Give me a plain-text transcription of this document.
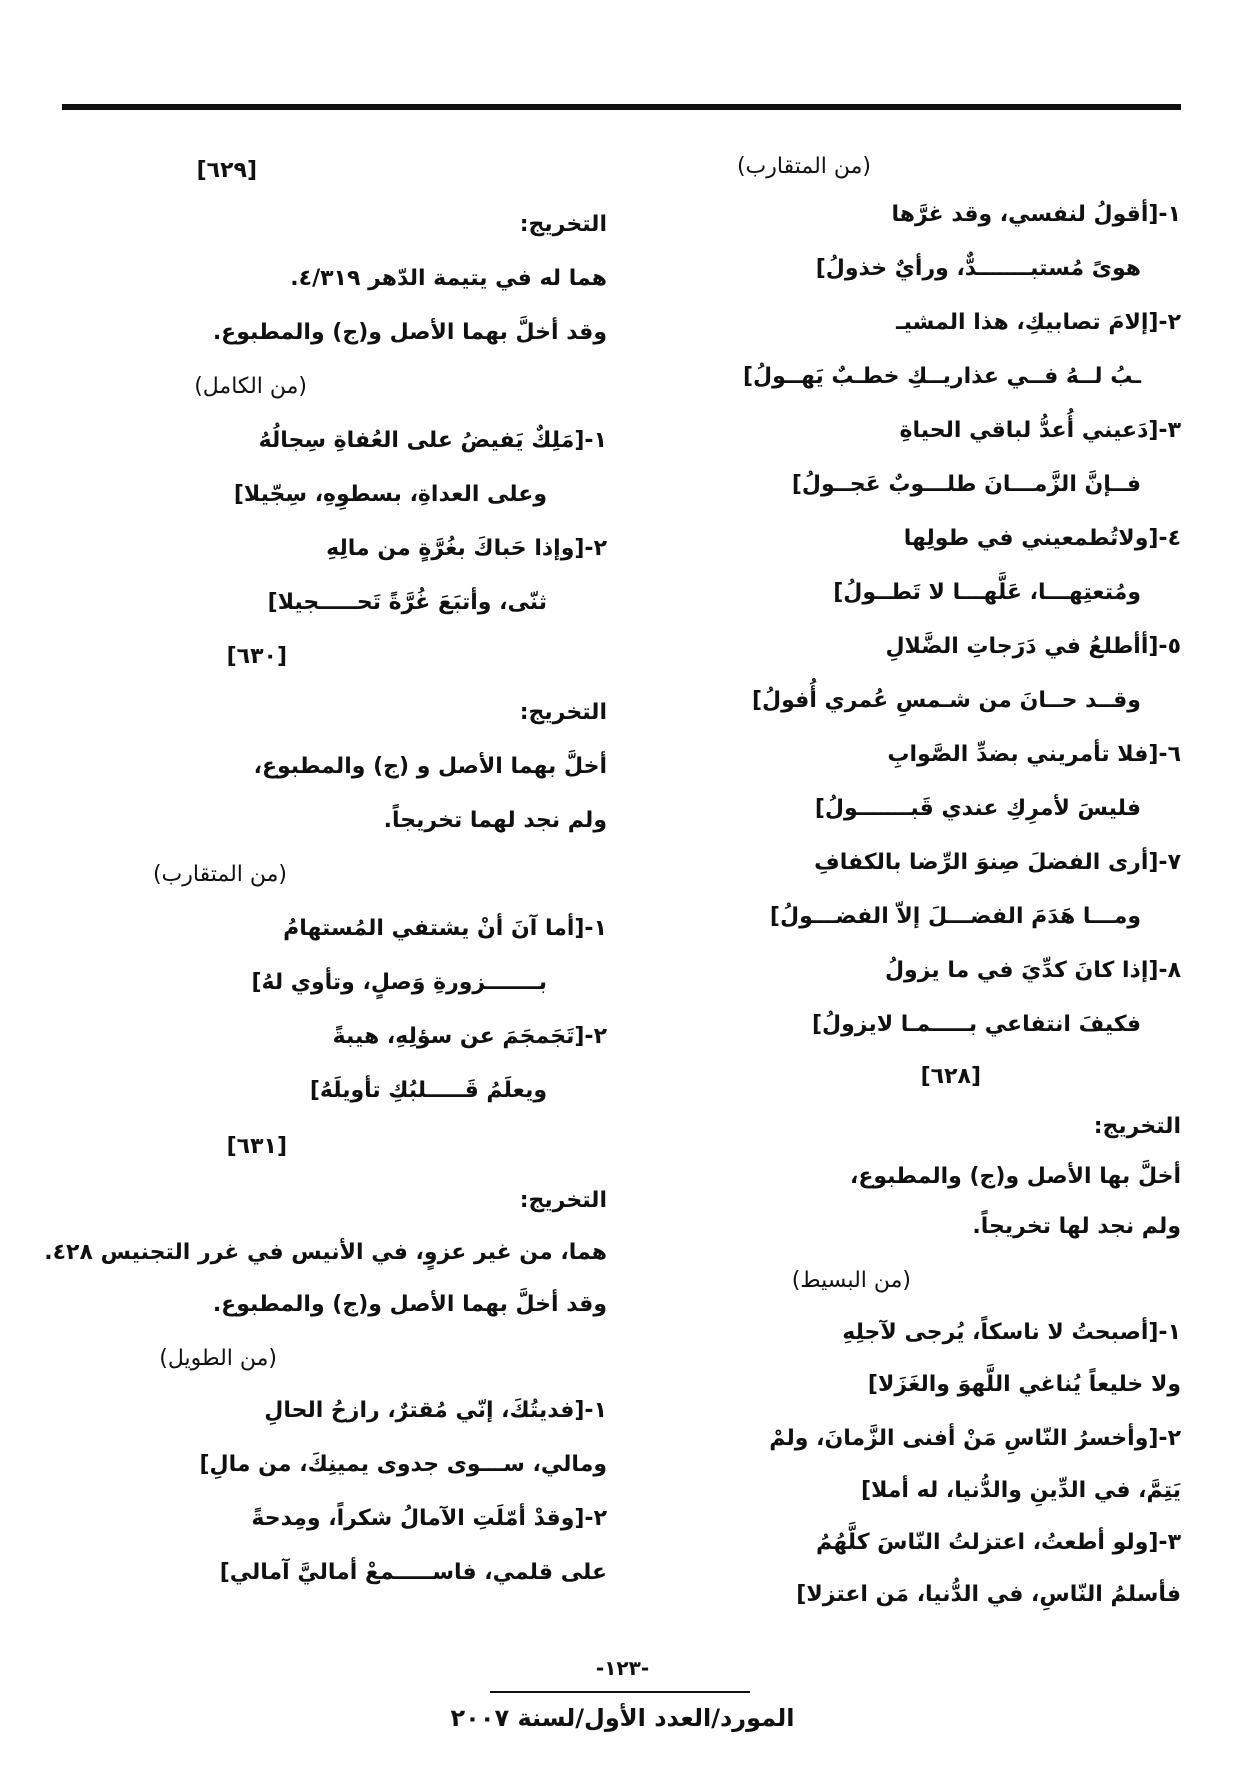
(من المتقارب)
١-[أقولُ لنفسي، وقد غرَّها
هوىً مُستبـــــــدٌّ، ورأيٌ خذولُ]
٢-[إلامَ تصابيكِ، هذا المشيـ
ـبُ لــهُ فــي عذاريــكِ خطـبٌ يَهــولُ]
٣-[دَعيني أُعدُّ لباقي الحياةِ
فــإنَّ الزَّمـــانَ طلـــوبٌ عَجــولُ]
٤-[ولاتُطمعيني في طولِها
ومُتعتِهـــا، عَلَّهـــا لا تَطــولُ]
٥-[أأطلعُ في دَرَجاتِ الضَّلالِ
وقــد حــانَ من شـمسِ عُمري أُفولُ]
٦-[فلا تأمريني بضدِّ الصَّوابِ
فليسَ لأمرِكِ عندي قَبـــــــولُ]
٧-[أرى الفضلَ صِنوَ الرِّضا بالكفافِ
ومـــا هَدَمَ الفضـــلَ إلاّ الفضـــولُ]
٨-[إذا كانَ كدِّيَ في ما يزولُ
فكيفَ انتفاعي بـــــمـا لايزولُ]
[٦٢٨]
التخريج:
أخلَّ بها الأصل و(ج) والمطبوع،
ولم نجد لها تخريجاً.
(من البسيط)
١-[أصبحتُ لا ناسكاً، يُرجى لآجلِهِ
ولا خليعاً يُناغي اللَّهوَ والغَزَلا]
٢-[وأخسرُ النّاسِ مَنْ أفنى الزَّمانَ، ولمْ
يَتِمَّ، في الدِّينِ والدُّنيا، له أملا]
٣-[ولو أطعتُ، اعتزلتُ النّاسَ كلَّهُمُ
فأسلمُ النّاسِ، في الدُّنيا، مَن اعتزلا]
[٦٢٩]
التخريج:
هما له في يتيمة الدّهر ٤/٣١٩.
وقد أخلَّ بهما الأصل و(ج) والمطبوع.
(من الكامل)
١-[مَلِكٌ يَفيضُ على العُفاةِ سِجالُهُ
وعلى العداةِ، بسطوِهِ، سِجّيلا]
٢-[وإذا حَباكَ بغُرَّةٍ من مالِهِ
ثنّى، وأتبَعَ غُرَّةً تَحـــــجيلا]
[٦٣٠]
التخريج:
أخلَّ بهما الأصل و (ج) والمطبوع،
ولم نجد لهما تخريجاً.
(من المتقارب)
١-[أما آنَ أنْ يشتفي المُستهامُ
بـــــــزورةِ وَصلٍ، وتأوي لهُ]
٢-[تَجَمجَمَ عن سؤلِهِ، هيبةً
ويعلَمُ قَـــــلبُكِ تأويلَهُ]
[٦٣١]
التخريج:
هما، من غير عزوٍ، في الأنيس في غرر التجنيس ٤٢٨.
وقد أخلَّ بهما الأصل و(ج) والمطبوع.
(من الطويل)
١-[فديتُكَ، إنّي مُقترٌ، رازحُ الحالِ
ومالي، ســـوى جدوى يمينِكَ، من مالِ]
٢-[وقدْ أمّلَتِ الآمالُ شكراً، ومِدحةً
على قلمي، فاســـــمعْ أماليَّ آمالي]
-١٢٣-
المورد/العدد الأول/لسنة ٢٠٠٧
